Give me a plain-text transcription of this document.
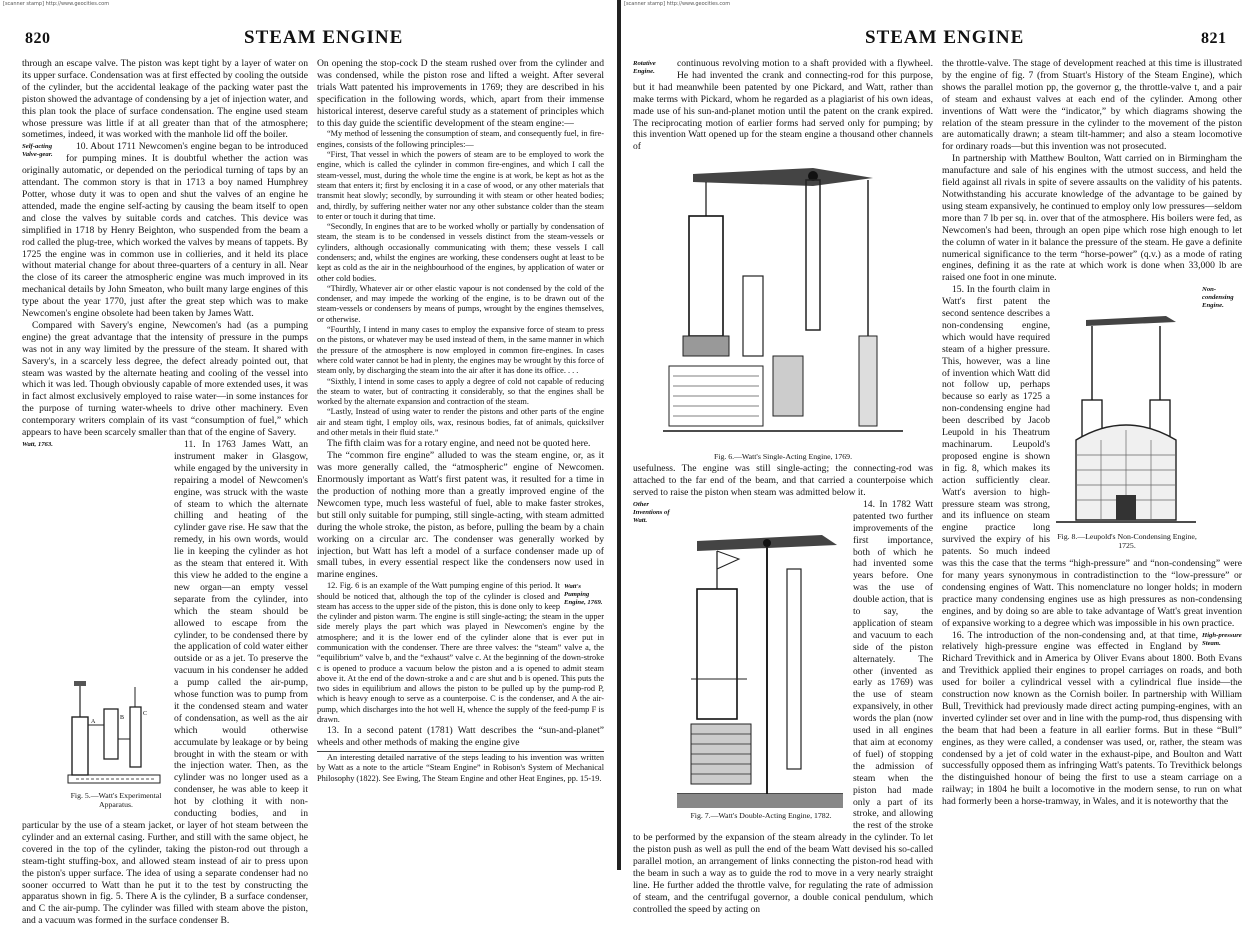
[scanner stamp] http://www.geocities.com
820	STEAM ENGINE

through an escape valve. The piston was kept tight by a layer of water on its upper surface. Condensation was at first effected by cooling the outside of the cylinder, but the accidental leakage of the packing water past the piston showed the advantage of condensing by a jet of injection water, and this plan took the place of surface condensation. The engine used steam whose pressure was little if at all greater than that of the atmosphere; sometimes, indeed, it was worked with the manhole lid off the boiler.

Self-acting Valve-gear.

10. About 1711 Newcomen's engine began to be introduced for pumping mines. It is doubtful whether the action was originally automatic, or depended on the periodical turning of taps by an attendant. The common story is that in 1713 a boy named Humphrey Potter, whose duty it was to open and shut the valves of an engine he attended, made the engine self-acting by causing the beam itself to open and close the valves by suitable cords and catches. This device was simplified in 1718 by Henry Beighton, who suspended from the beam a rod called the plug-tree, which worked the valves by means of tappets. By 1725 the engine was in common use in collieries, and it held its place without material change for about three-quarters of a century in all. Near the close of its career the atmospheric engine was much improved in its mechanical details by John Smeaton, who built many large engines of this type about the year 1770, just after the great step which was to make Newcomen's engine obsolete had been taken by James Watt.

Compared with Savery's engine, Newcomen's had (as a pumping engine) the great advantage that the intensity of pressure in the pumps was not in any way limited by the pressure of the steam. It shared with Savery's, in a scarcely less degree, the defect already pointed out, that steam was wasted by the alternate heating and cooling of the vessel into which it was led. Though obviously capable of more extended uses, it was in fact almost exclusively employed to raise water—in some instances for the purpose of turning water-wheels to drive other machinery. Even contemporary writers complain of its vast “consumption of fuel,” which appears to have been scarcely smaller than that of the engine of Savery.

Watt, 1763.
A
B
C
Fig. 5.—Watt's Experimental Apparatus.

11. In 1763 James Watt, an instrument maker in Glasgow, while engaged by the university in repairing a model of Newcomen's engine, was struck with the waste of steam to which the alternate chilling and heating of the cylinder gave rise. He saw that the remedy, in his own words, would lie in keeping the cylinder as hot as the steam that entered it. With this view he added to the engine a new organ—an empty vessel separate from the cylinder, into which the steam should be allowed to escape from the cylinder, to be condensed there by the application of cold water either outside or as a jet. To preserve the vacuum in his condenser he added a pump called the air-pump, whose function was to pump from it the condensed steam and water of condensation, as well as the air which would otherwise accumulate by leakage or by being brought in with the steam or with the injection water. Then, as the cylinder was no longer used as a condenser, he was able to keep it hot by clothing it with non-conducting bodies, and in particular by the use of a steam jacket, or layer of hot steam between the cylinder and an external casing. Further, and still with the same object, he covered in the top of the cylinder, taking the piston-rod out through a steam-tight stuffing-box, and allowed steam instead of air to press upon the piston's upper surface. The idea of using a separate condenser had no sooner occurred to Watt than he put it to the test by constructing the apparatus shown in fig. 5. There A is the cylinder, B a surface condenser, and C the air-pump. The cylinder was filled with steam above the piston, and a vacuum was formed in the surface condenser B.

On opening the stop-cock D the steam rushed over from the cylinder and was condensed, while the piston rose and lifted a weight. After several trials Watt patented his improvements in 1769; they are described in his specification in the following words, which, apart from their immense historical interest, deserve careful study as a statement of principles which to this day guide the scientific development of the steam engine:—

“My method of lessening the consumption of steam, and consequently fuel, in fire-engines, consists of the following principles:—

“First, That vessel in which the powers of steam are to be employed to work the engine, which is called the cylinder in common fire-engines, and which I call the steam-vessel, must, during the whole time the engine is at work, be kept as hot as the steam that enters it; first by enclosing it in a case of wood, or any other materials that transmit heat slowly; secondly, by surrounding it with steam or other heated bodies; and, thirdly, by suffering neither water nor any other substance colder than the steam to enter or touch it during that time.

“Secondly, In engines that are to be worked wholly or partially by condensation of steam, the steam is to be condensed in vessels distinct from the steam-vessels or cylinders, although occasionally communicating with them; these vessels I call condensers; and, whilst the engines are working, these condensers ought at least to be kept as cold as the air in the neighbourhood of the engines, by application of water or other cold bodies.

“Thirdly, Whatever air or other elastic vapour is not condensed by the cold of the condenser, and may impede the working of the engine, is to be drawn out of the steam-vessels or condensers by means of pumps, wrought by the engines themselves, or otherwise.

“Fourthly, I intend in many cases to employ the expansive force of steam to press on the pistons, or whatever may be used instead of them, in the same manner in which the pressure of the atmosphere is now employed in common fire-engines. In cases where cold water cannot be had in plenty, the engines may be wrought by this force of steam only, by discharging the steam into the air after it has done its office. . . .

“Sixthly, I intend in some cases to apply a degree of cold not capable of reducing the steam to water, but of contracting it considerably, so that the engines shall be worked by the alternate expansion and contraction of the steam.

“Lastly, Instead of using water to render the pistons and other parts of the engine air and steam tight, I employ oils, wax, resinous bodies, fat of animals, quicksilver and other metals in their fluid state.”

The fifth claim was for a rotary engine, and need not be quoted here.

The “common fire engine” alluded to was the steam engine, or, as it was more generally called, the “atmospheric” engine of Newcomen. Enormously important as Watt's first patent was, it resulted for a time in the production of nothing more than a greatly improved engine of the Newcomen type, much less wasteful of fuel, able to make faster strokes, but still only suitable for pumping, still single-acting, with steam admitted during the whole stroke, the piston, as before, pulling the beam by a chain working on a circular arc. The condenser was generally worked by injection, but Watt has left a model of a surface condenser made up of small tubes, in every essential respect like the condensers now used in marine engines.

Watt's Pumping Engine, 1769.

12. Fig. 6 is an example of the Watt pumping engine of this period. It should be noticed that, although the top of the cylinder is closed and steam has access to the upper side of the piston, this is done only to keep the cylinder and piston warm. The engine is still single-acting; the steam in the upper side merely plays the part which was played in Newcomen's engine by the atmosphere; and it is the lower end of the cylinder alone that is ever put in communication with the condenser. There are three valves: the “steam” valve a, the “equilibrium” valve b, and the “exhaust” valve c. At the beginning of the down-stroke c is opened to produce a vacuum below the piston and a is opened to admit steam above it. At the end of the down-stroke a and c are shut and b is opened. This puts the two sides in equilibrium and allows the piston to be pulled up by the pump-rod P, which is heavy enough to serve as a counterpoise. C is the condenser, and A the air-pump, which discharges into the hot well H, whence the supply of the feed-pump F is drawn.

13. In a second patent (1781) Watt describes the “sun-and-planet” wheels and other methods of making the engine give

An interesting detailed narrative of the steps leading to his invention was written by Watt as a note to the article “Steam Engine” in Robison's System of Mechanical Philosophy (1822). See Ewing, The Steam Engine and other Heat Engines, pp. 15-19.

[scanner stamp] http://www.geocities.com
STEAM ENGINE	821
Rotative Engine.

continuous revolving motion to a shaft provided with a flywheel. He had invented the crank and connecting-rod for this purpose, but it had meanwhile been patented by one Pickard, and Watt, rather than make terms with Pickard, whom he regarded as a plagiarist of his own ideas, made use of his sun-and-planet motion until the patent on the crank expired. The reciprocating motion of earlier forms had served only for pumping; by this invention Watt opened up for the steam engine a thousand other channels of

Fig. 6.—Watt's Single-Acting Engine, 1769.

usefulness. The engine was still single-acting; the connecting-rod was attached to the far end of the beam, and that carried a counterpoise which served to raise the piston when steam was admitted below it.

Other Inventions of Watt.
Fig. 7.—Watt's Double-Acting Engine, 1782.

14. In 1782 Watt patented two further improvements of the first importance, both of which he had invented some years before. One was the use of double action, that is to say, the application of steam and vacuum to each side of the piston alternately. The other (invented as early as 1769) was the use of steam expansively, in other words the plan (now used in all engines that aim at economy of fuel) of stopping the admission of steam when the piston had made only a part of its stroke, and allowing the rest of the stroke to be performed by the expansion of the steam already in the cylinder. To let the piston push as well as pull the end of the beam Watt devised his so-called parallel motion, an arrangement of links connecting the piston-rod head with the beam in such a way as to guide the rod to move in a very nearly straight line. He further added the throttle valve, for regulating the rate of admission of steam, and the centrifugal governor, a double conical pendulum, which controlled the speed by acting on

the throttle-valve. The stage of development reached at this time is illustrated by the engine of fig. 7 (from Stuart's History of the Steam Engine), which shows the parallel motion pp, the governor g, the throttle-valve t, and a pair of steam and exhaust valves at each end of the cylinder. Among other inventions of Watt were the “indicator,” by which diagrams showing the relation of the steam pressure in the cylinder to the movement of the piston are automatically drawn; a steam tilt-hammer; and also a steam locomotive for ordinary roads—but this invention was not prosecuted.

In partnership with Matthew Boulton, Watt carried on in Birmingham the manufacture and sale of his engines with the utmost success, and held the field against all rivals in spite of severe assaults on the validity of his patents. Notwithstanding his accurate knowledge of the advantage to be gained by using steam expansively, he continued to employ only low pressures—seldom more than 7 lb per sq. in. over that of the atmosphere. His boilers were fed, as Newcomen's had been, through an open pipe which rose high enough to let the column of water in it balance the pressure of the steam. He gave a definite numerical significance to the term “horse-power” (q.v.) as a mode of rating engines, defining it as the rate at which work is done when 33,000 lb are raised one foot in one minute.

Non-condensing Engine.
Fig. 8.—Leupold's Non-Condensing Engine, 1725.

15. In the fourth claim in Watt's first patent the second sentence describes a non-condensing engine, which would have required steam of a higher pressure. This, however, was a line of invention which Watt did not follow up, perhaps because so early as 1725 a non-condensing engine had been described by Jacob Leupold in his Theatrum machinarum. Leupold's proposed engine is shown in fig. 8, which makes its action sufficiently clear. Watt's aversion to high-pressure steam was strong, and its influence on steam engine practice long survived the expiry of his patents. So much indeed was this the case that the terms “high-pressure” and “non-condensing” were for many years synonymous in contradistinction to the “low-pressure” or condensing engines of Watt. This nomenclature no longer holds; in modern practice many condensing engines use as high pressures as non-condensing engines, and by doing so are able to take advantage of Watt's great invention of expansive working to a degree which was impossible in his own practice.

High-pressure Steam.

16. The introduction of the non-condensing and, at that time, relatively high-pressure engine was effected in England by Richard Trevithick and in America by Oliver Evans about 1800. Both Evans and Trevithick applied their engines to propel carriages on roads, and both used for boiler a cylindrical vessel with a cylindrical flue inside—the construction now known as the Cornish boiler. In partnership with William Bull, Trevithick had previously made direct acting pumping-engines, with an inverted cylinder set over and in line with the pump-rod, thus dispensing with the beam that had been a feature in all earlier forms. But in these “Bull” engines, as they were called, a condenser was used, or, rather, the steam was condensed by a jet of cold water in the exhaust-pipe, and Boulton and Watt successfully opposed them as infringing Watt's patents. To Trevithick belongs the distinguished honour of being the first to use a steam carriage on a railway; in 1804 he built a locomotive in the modern sense, to run on what had formerly been a horse-tramway, in Wales, and it is noteworthy that the
